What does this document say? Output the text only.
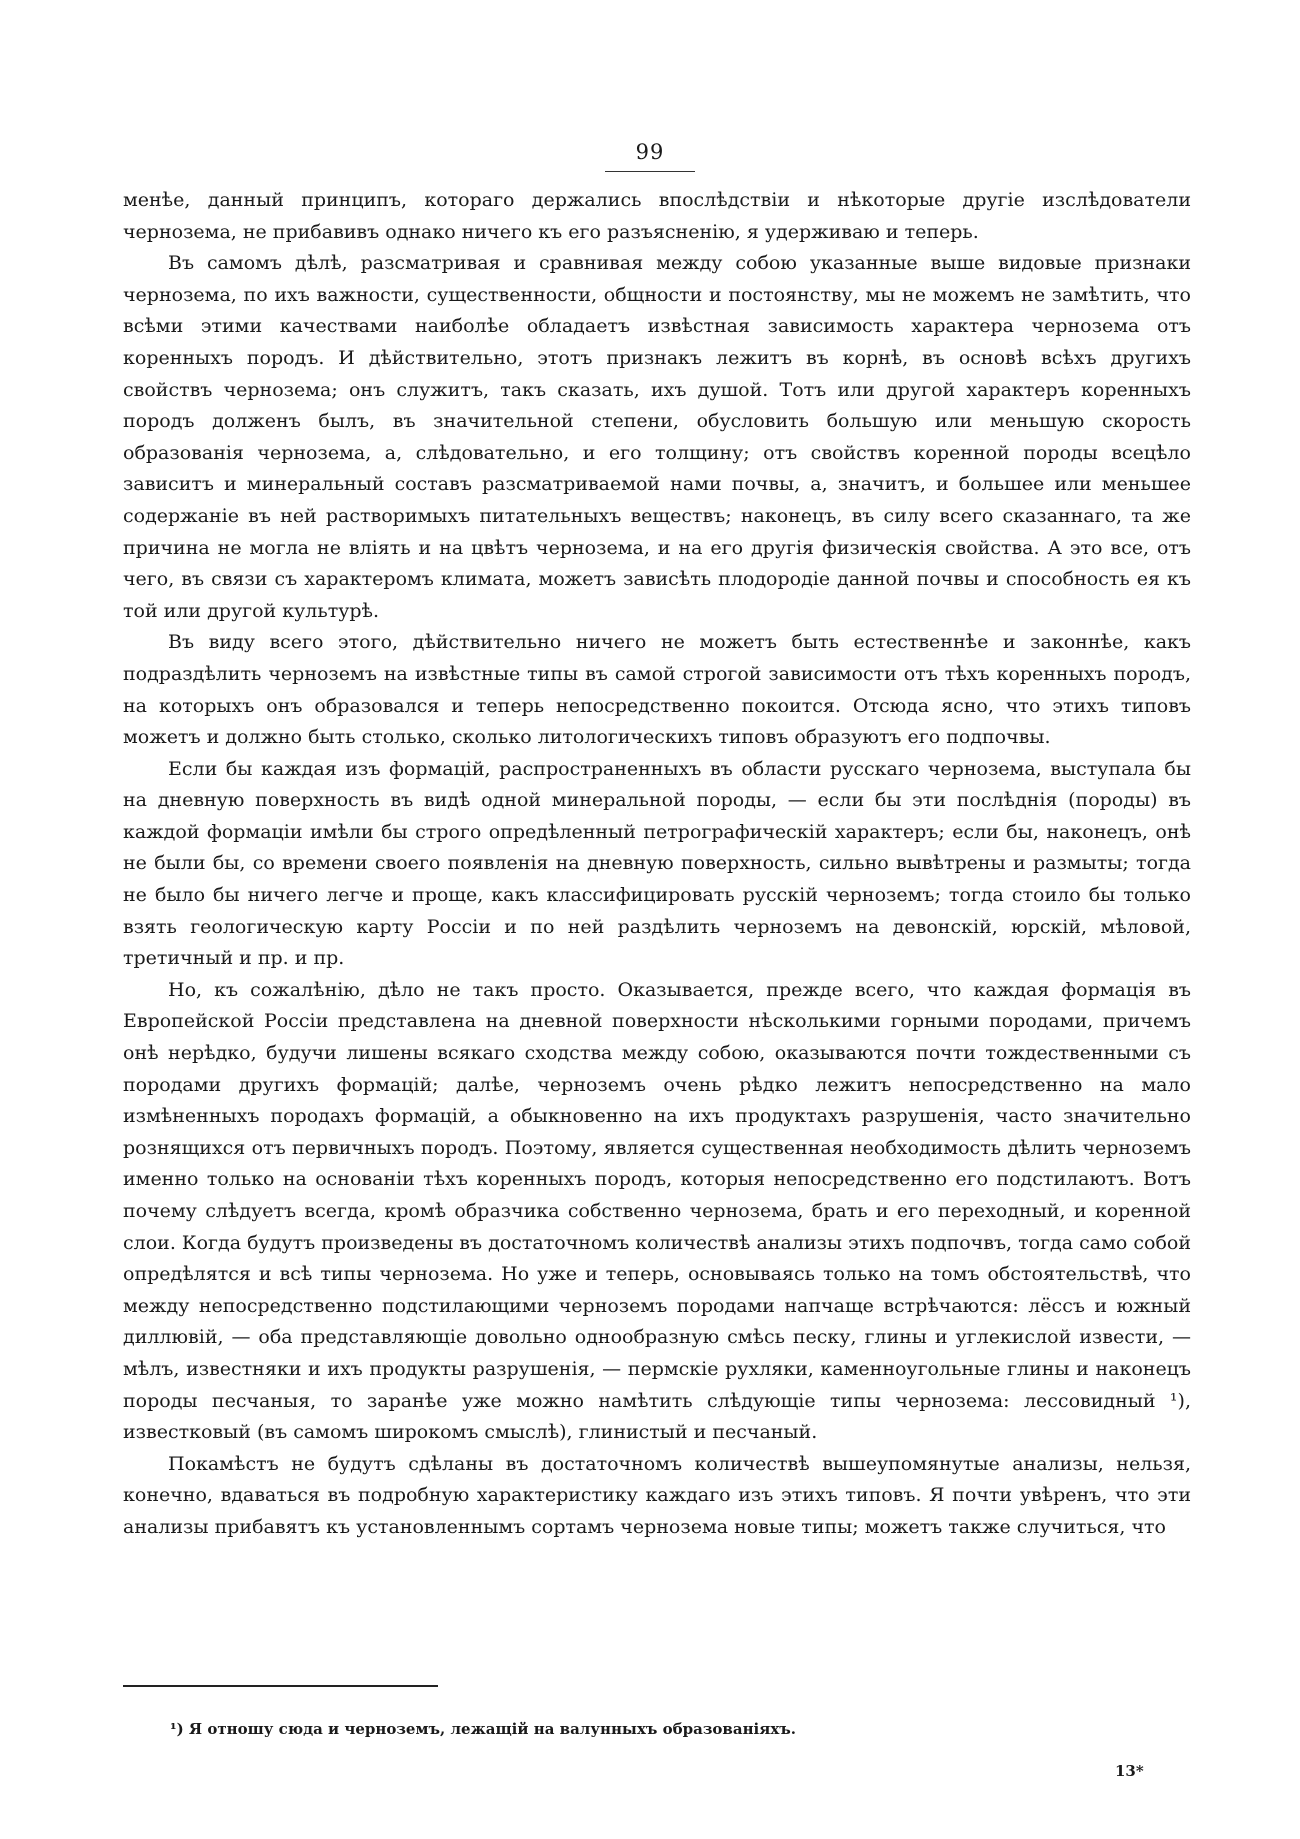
99

менѣе, данный принципъ, котораго держались впослѣдствіи и нѣкоторые другіе изслѣдователи чернозема, не прибавивъ однако ничего къ его разъясненію, я удерживаю и теперь.

Въ самомъ дѣлѣ, разсматривая и сравнивая между собою указанные выше видовые признаки чернозема, по ихъ важности, существенности, общности и постоянству, мы не можемъ не замѣтить, что всѣми этими качествами наиболѣе обладаетъ извѣстная зависимость характера чернозема отъ коренныхъ породъ. И дѣйствительно, этотъ признакъ лежитъ въ корнѣ, въ основѣ всѣхъ другихъ свойствъ чернозема; онъ служитъ, такъ сказать, ихъ душой. Тотъ или другой характеръ коренныхъ породъ долженъ былъ, въ значительной степени, обусловить большую или меньшую скорость образованія чернозема, а, слѣдовательно, и его толщину; отъ свойствъ коренной породы всецѣло зависитъ и минеральный составъ разсматриваемой нами почвы, а, значитъ, и большее или меньшее содержаніе въ ней растворимыхъ питательныхъ веществъ; наконецъ, въ силу всего сказаннаго, та же причина не могла не вліять и на цвѣтъ чернозема, и на его другія физическія свойства. А это все, отъ чего, въ связи съ характеромъ климата, можетъ зависѣть плодородіе данной почвы и способность ея къ той или другой культурѣ.

Въ виду всего этого, дѣйствительно ничего не можетъ быть естественнѣе и законнѣе, какъ подраздѣлить черноземъ на извѣстные типы въ самой строгой зависимости отъ тѣхъ коренныхъ породъ, на которыхъ онъ образовался и теперь непосредственно покоится. Отсюда ясно, что этихъ типовъ можетъ и должно быть столько, сколько литологическихъ типовъ образуютъ его подпочвы.

Если бы каждая изъ формацій, распространенныхъ въ области русскаго чернозема, выступала бы на дневную поверхность въ видѣ одной минеральной породы, — если бы эти послѣднія (породы) въ каждой формаціи имѣли бы строго опредѣленный петрографическій характеръ; если бы, наконецъ, онѣ не были бы, со времени своего появленія на дневную поверхность, сильно вывѣтрены и размыты; тогда не было бы ничего легче и проще, какъ классифицировать русскій черноземъ; тогда стоило бы только взять геологическую карту Россіи и по ней раздѣлить черноземъ на девонскій, юрскій, мѣловой, третичный и пр. и пр.

Но, къ сожалѣнію, дѣло не такъ просто. Оказывается, прежде всего, что каждая формація въ Европейской Россіи представлена на дневной поверхности нѣсколькими горными породами, причемъ онѣ нерѣдко, будучи лишены всякаго сходства между собою, оказываются почти тождественными съ породами другихъ формацій; далѣе, черноземъ очень рѣдко лежитъ непосредственно на мало измѣненныхъ породахъ формацій, а обыкновенно на ихъ продуктахъ разрушенія, часто значительно рознящихся отъ первичныхъ породъ. Поэтому, является существенная необходимость дѣлить черноземъ именно только на основаніи тѣхъ коренныхъ породъ, которыя непосредственно его подстилаютъ. Вотъ почему слѣдуетъ всегда, кромѣ образчика собственно чернозема, брать и его переходный, и коренной слои. Когда будутъ произведены въ достаточномъ количествѣ анализы этихъ подпочвъ, тогда само собой опредѣлятся и всѣ типы чернозема. Но уже и теперь, основываясь только на томъ обстоятельствѣ, что между непосредственно подстилающими черноземъ породами напчаще встрѣчаются: лёссъ и южный диллювій, — оба представляющіе довольно однообразную смѣсь песку, глины и углекислой извести, — мѣлъ, известняки и ихъ продукты разрушенія, — пермскіе рухляки, каменноугольные глины и наконецъ породы песчаныя, то заранѣе уже можно намѣтить слѣдующіе типы чернозема: лессовидный ¹), известковый (въ самомъ широкомъ смыслѣ), глинистый и песчаный.

Покамѣстъ не будутъ сдѣланы въ достаточномъ количествѣ вышеупомянутые анализы, нельзя, конечно, вдаваться въ подробную характеристику каждаго изъ этихъ типовъ. Я почти увѣренъ, что эти анализы прибавятъ къ установленнымъ сортамъ чернозема новые типы; можетъ также случиться, что

¹) Я отношу сюда и черноземъ, лежащій на валунныхъ образованіяхъ.
13*
